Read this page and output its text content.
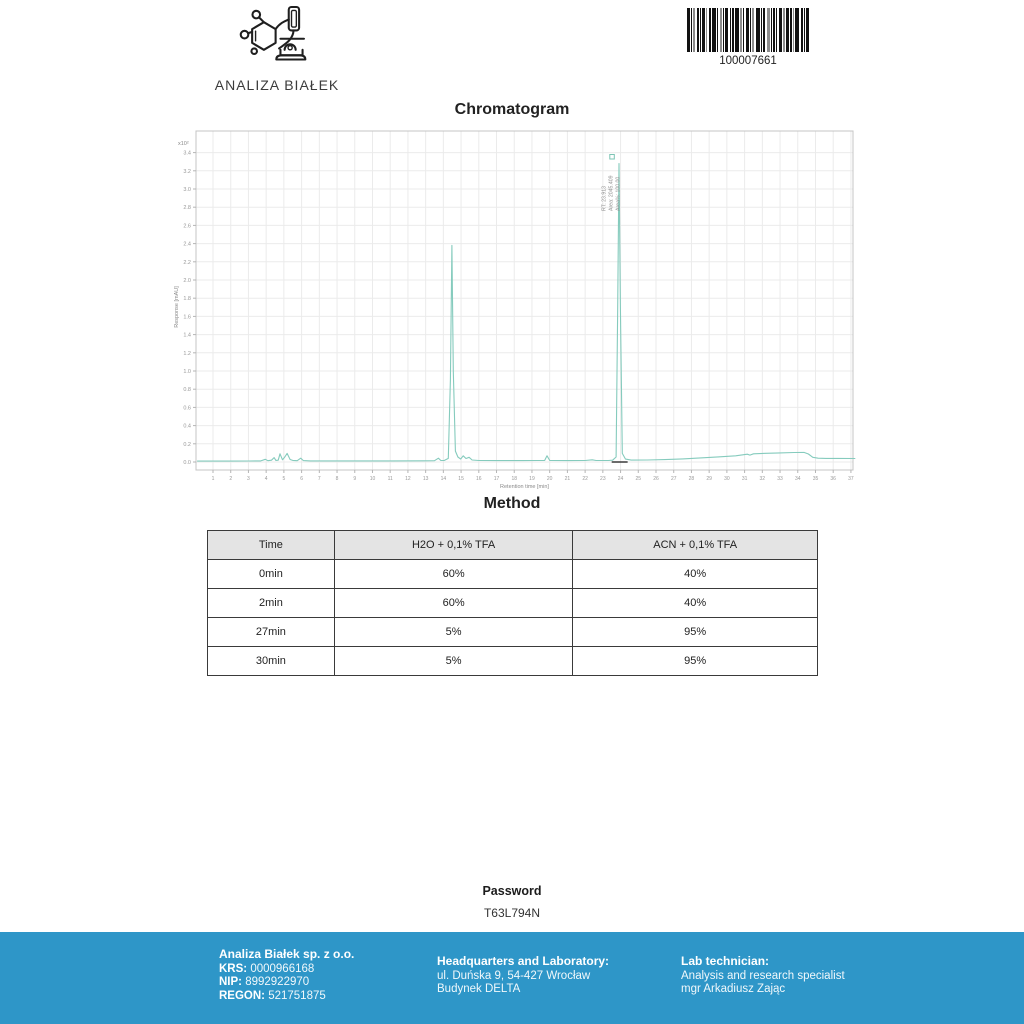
ANALIZA BIAŁEK
100007661
Chromatogram
1	2	3	4	5	6	7	8	9	10 11 12 13 14 15 16 17 18 19 20 21 22 23 24 25 26 27 28 29 30 31 32 33 34 35 36 37
0.0
0.2
0.4
0.6
0.8
1.0
1.2
1.4
1.6
1.8
2.0
2.2
2.4
2.6
2.8
3.0
3.2
3.4
x10²
Retention time [min]
Response [mAU]
RT: 23.913 Area: 2045.409 Area%: 100.00
Method
Time	H2O + 0,1% TFA	ACN + 0,1% TFA
0min	60%	40%
2min	60%	40%
27min	5%	95%
30min	5%	95%
Password
T63L794N
Analiza Białek sp. z o.o.
KRS: 0000966168
NIP: 8992922970
REGON: 521751875
Headquarters and Laboratory:
ul. Duńska 9, 54-427 Wrocław
Budynek DELTA
Lab technician:
Analysis and research specialist
mgr Arkadiusz Zając
